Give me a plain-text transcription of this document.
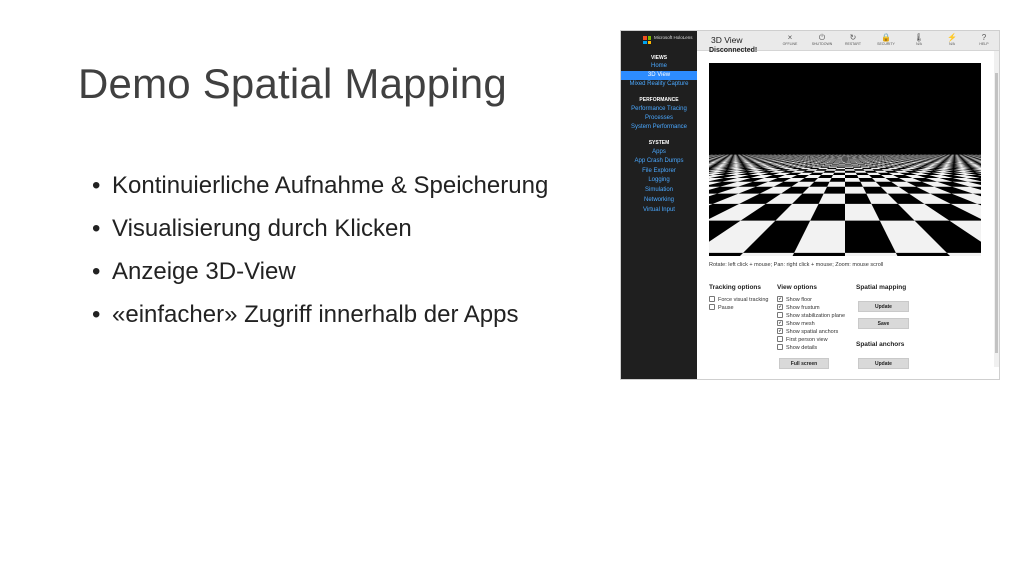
Demo Spatial Mapping
• Kontinuierliche Aufnahme & Speicherung
• Visualisierung durch Klicken
• Anzeige 3D-View
• «einfacher» Zugriff innerhalb der Apps
Microsoft HoloLens
VIEWS
Home
3D View
Mixed Reality Capture
PERFORMANCE
Performance Tracing
Processes
System Performance
SYSTEM
Apps
App Crash Dumps
File Explorer
Logging
Simulation
Networking
Virtual Input
3D View	×
OFFLINE
⏻
SHUTDOWN
↻
RESTART
🔒
SECURITY
🌡
N/A
⚡
N/A
?
HELP
Disconnected!
Rotate: left click + mouse; Pan: right click + mouse; Zoom: mouse scroll
Tracking options
Force visual tracking
Pause
View options
✔ Show floor
✔ Show frustum
Show stabilization plane
✔ Show mesh
✔ Show spatial anchors
First person view
Show details
Full screen
Spatial mapping
Update
Save
Spatial anchors
Update
